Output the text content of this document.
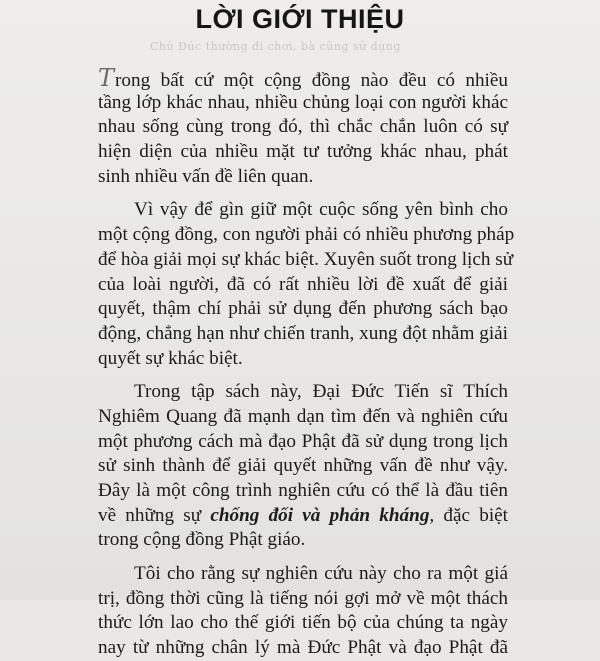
LỜI GIỚI THIỆU
Chú Đúc thường đi chơi, bà cũng sử dụng
Trong bất cứ một cộng đồng nào đều có nhiều
tầng lớp khác nhau, nhiều chủng loại con người khác
nhau sống cùng trong đó, thì chắc chắn luôn có sự
hiện diện của nhiều mặt tư tưởng khác nhau, phát
sinh nhiều vấn đề liên quan.
Vì vậy để gìn giữ một cuộc sống yên bình cho
một cộng đồng, con người phải có nhiều phương pháp
để hòa giải mọi sự khác biệt. Xuyên suốt trong lịch sử
của loài người, đã có rất nhiều lời đề xuất để giải
quyết, thậm chí phải sử dụng đến phương sách bạo
động, chẳng hạn như chiến tranh, xung đột nhằm giải
quyết sự khác biệt.
Trong tập sách này, Đại Đức Tiến sĩ Thích
Nghiêm Quang đã mạnh dạn tìm đến và nghiên cứu
một phương cách mà đạo Phật đã sử dụng trong lịch
sử sinh thành để giải quyết những vấn đề như vậy.
Đây là một công trình nghiên cứu có thể là đầu tiên
về những sự chống đối và phản kháng, đặc biệt
trong cộng đồng Phật giáo.
Tôi cho rằng sự nghiên cứu này cho ra một giá
trị, đồng thời cũng là tiếng nói gợi mở về một thách
thức lớn lao cho thế giới tiến bộ của chúng ta ngày
nay từ những chân lý mà Đức Phật và đạo Phật đã
